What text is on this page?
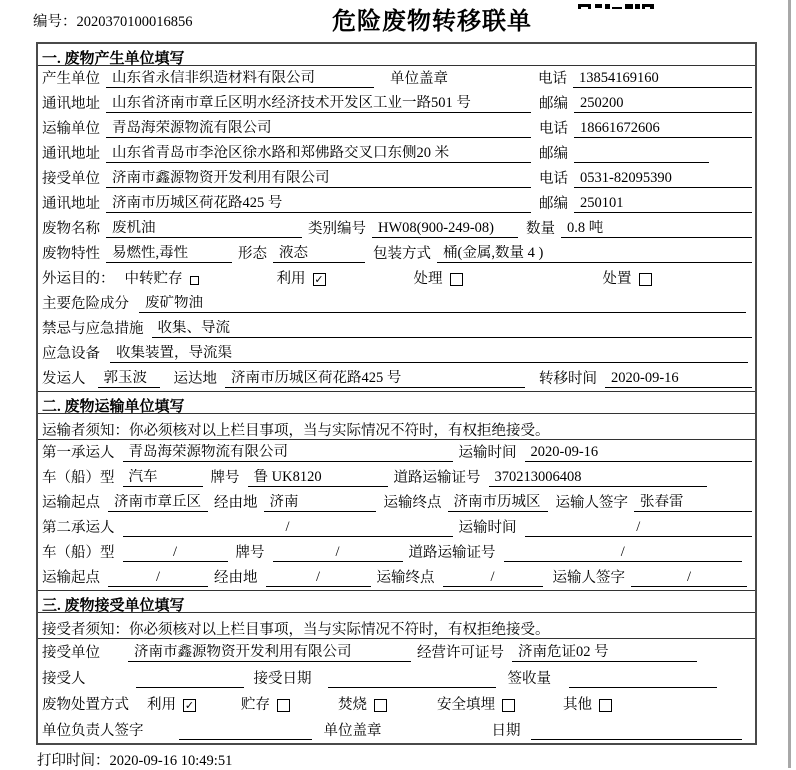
编号：2020370100016856	危险废物转移联单
一. 废物产生单位填写
产生单位 山东省永信非织造材料有限公司	单位盖章	电话 13854169160
通讯地址 山东省济南市章丘区明水经济技术开发区工业一路501 号	邮编 250200
运输单位 青岛海荣源物流有限公司	电话 18661672606
通讯地址 山东省青岛市李沧区徐水路和郑佛路交叉口东侧20 米	邮编
接受单位 济南市鑫源物资开发利用有限公司	电话 0531-82095390
通讯地址 济南市历城区荷花路425 号	邮编 250101
废物名称 废机油	类别编号 HW08(900-249-08)	数量 0.8 吨
废物特性 易燃性,毒性	形态 液态	包装方式 桶(金属,数量 4 )
外运目的： 中转贮存	利用 ✓	处理	处置
主要危险成分	废矿物油
禁忌与应急措施 收集、导流
应急设备	收集装置，导流渠
发运人	郭玉波	运达地 济南市历城区荷花路425 号	转移时间 2020-09-16
二. 废物运输单位填写
运输者须知：你必须核对以上栏目事项，当与实际情况不符时，有权拒绝接受。
第一承运人 青岛海荣源物流有限公司	运输时间 2020-09-16
车（船）型 汽车	牌号 鲁 UK8120	道路运输证号 370213006408
运输起点 济南市章丘区 经由地 济南	运输终点 济南市历城区	运输人签字 张春雷
第二承运人	/	运输时间	/
车（船）型	/	牌号	/	道路运输证号	/
运输起点	/	经由地	/	运输终点	/	运输人签字	/
三. 废物接受单位填写
接受者须知：你必须核对以上栏目事项，当与实际情况不符时，有权拒绝接受。
接受单位	济南市鑫源物资开发利用有限公司	经营许可证号 济南危证02 号
接受人	接受日期	签收量
废物处置方式 利用 ✓	贮存	焚烧	安全填埋	其他
单位负责人签字	单位盖章	日期
打印时间：2020-09-16 10:49:51
